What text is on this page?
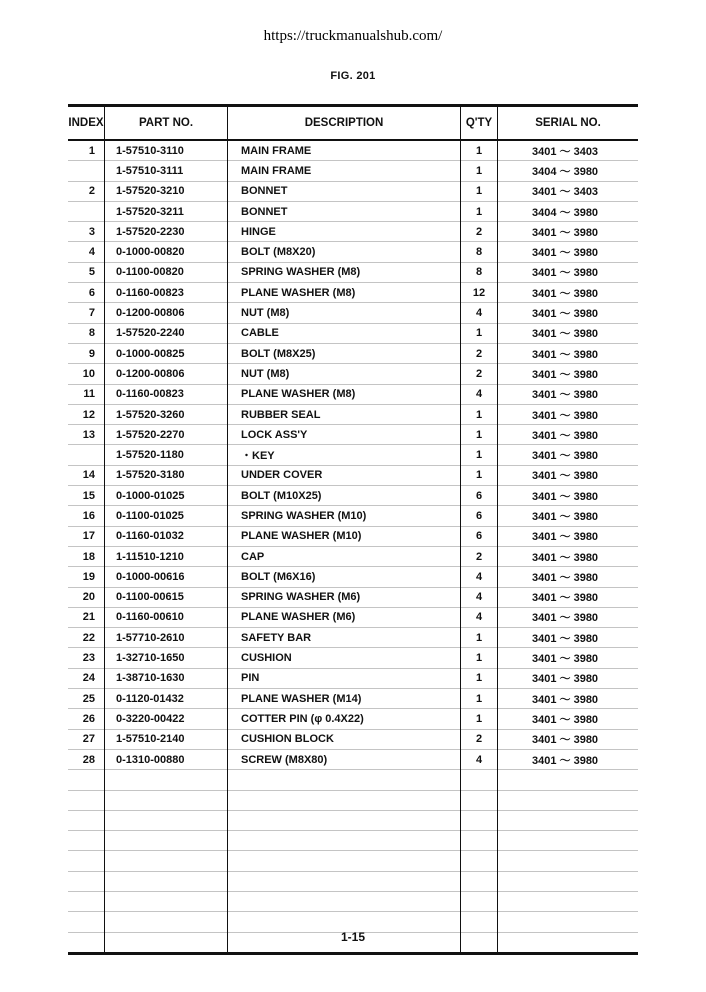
https://truckmanualshub.com/
FIG. 201
INDEX	PART NO.	DESCRIPTION	Q'TY	SERIAL NO.
1	1-57510-3110	MAIN FRAME	1	3401 ～ 3403
	1-57510-3111	MAIN FRAME	1	3404 ～ 3980
2	1-57520-3210	BONNET	1	3401 ～ 3403
	1-57520-3211	BONNET	1	3404 ～ 3980
3	1-57520-2230	HINGE	2	3401 ～ 3980
4	0-1000-00820	BOLT (M8X20)	8	3401 ～ 3980
5	0-1100-00820	SPRING WASHER (M8)	8	3401 ～ 3980
6	0-1160-00823	PLANE WASHER (M8)	12	3401 ～ 3980
7	0-1200-00806	NUT (M8)	4	3401 ～ 3980
8	1-57520-2240	CABLE	1	3401 ～ 3980
9	0-1000-00825	BOLT (M8X25)	2	3401 ～ 3980
10	0-1200-00806	NUT (M8)	2	3401 ～ 3980
11	0-1160-00823	PLANE WASHER (M8)	4	3401 ～ 3980
12	1-57520-3260	RUBBER SEAL	1	3401 ～ 3980
13	1-57520-2270	LOCK ASS'Y	1	3401 ～ 3980
	1-57520-1180	・KEY	1	3401 ～ 3980
14	1-57520-3180	UNDER COVER	1	3401 ～ 3980
15	0-1000-01025	BOLT (M10X25)	6	3401 ～ 3980
16	0-1100-01025	SPRING WASHER (M10)	6	3401 ～ 3980
17	0-1160-01032	PLANE WASHER (M10)	6	3401 ～ 3980
18	1-11510-1210	CAP	2	3401 ～ 3980
19	0-1000-00616	BOLT (M6X16)	4	3401 ～ 3980
20	0-1100-00615	SPRING WASHER (M6)	4	3401 ～ 3980
21	0-1160-00610	PLANE WASHER (M6)	4	3401 ～ 3980
22	1-57710-2610	SAFETY BAR	1	3401 ～ 3980
23	1-32710-1650	CUSHION	1	3401 ～ 3980
24	1-38710-1630	PIN	1	3401 ～ 3980
25	0-1120-01432	PLANE WASHER (M14)	1	3401 ～ 3980
26	0-3220-00422	COTTER PIN (φ 0.4X22)	1	3401 ～ 3980
27	1-57510-2140	CUSHION BLOCK	2	3401 ～ 3980
28	0-1310-00880	SCREW (M8X80)	4	3401 ～ 3980

1-15
